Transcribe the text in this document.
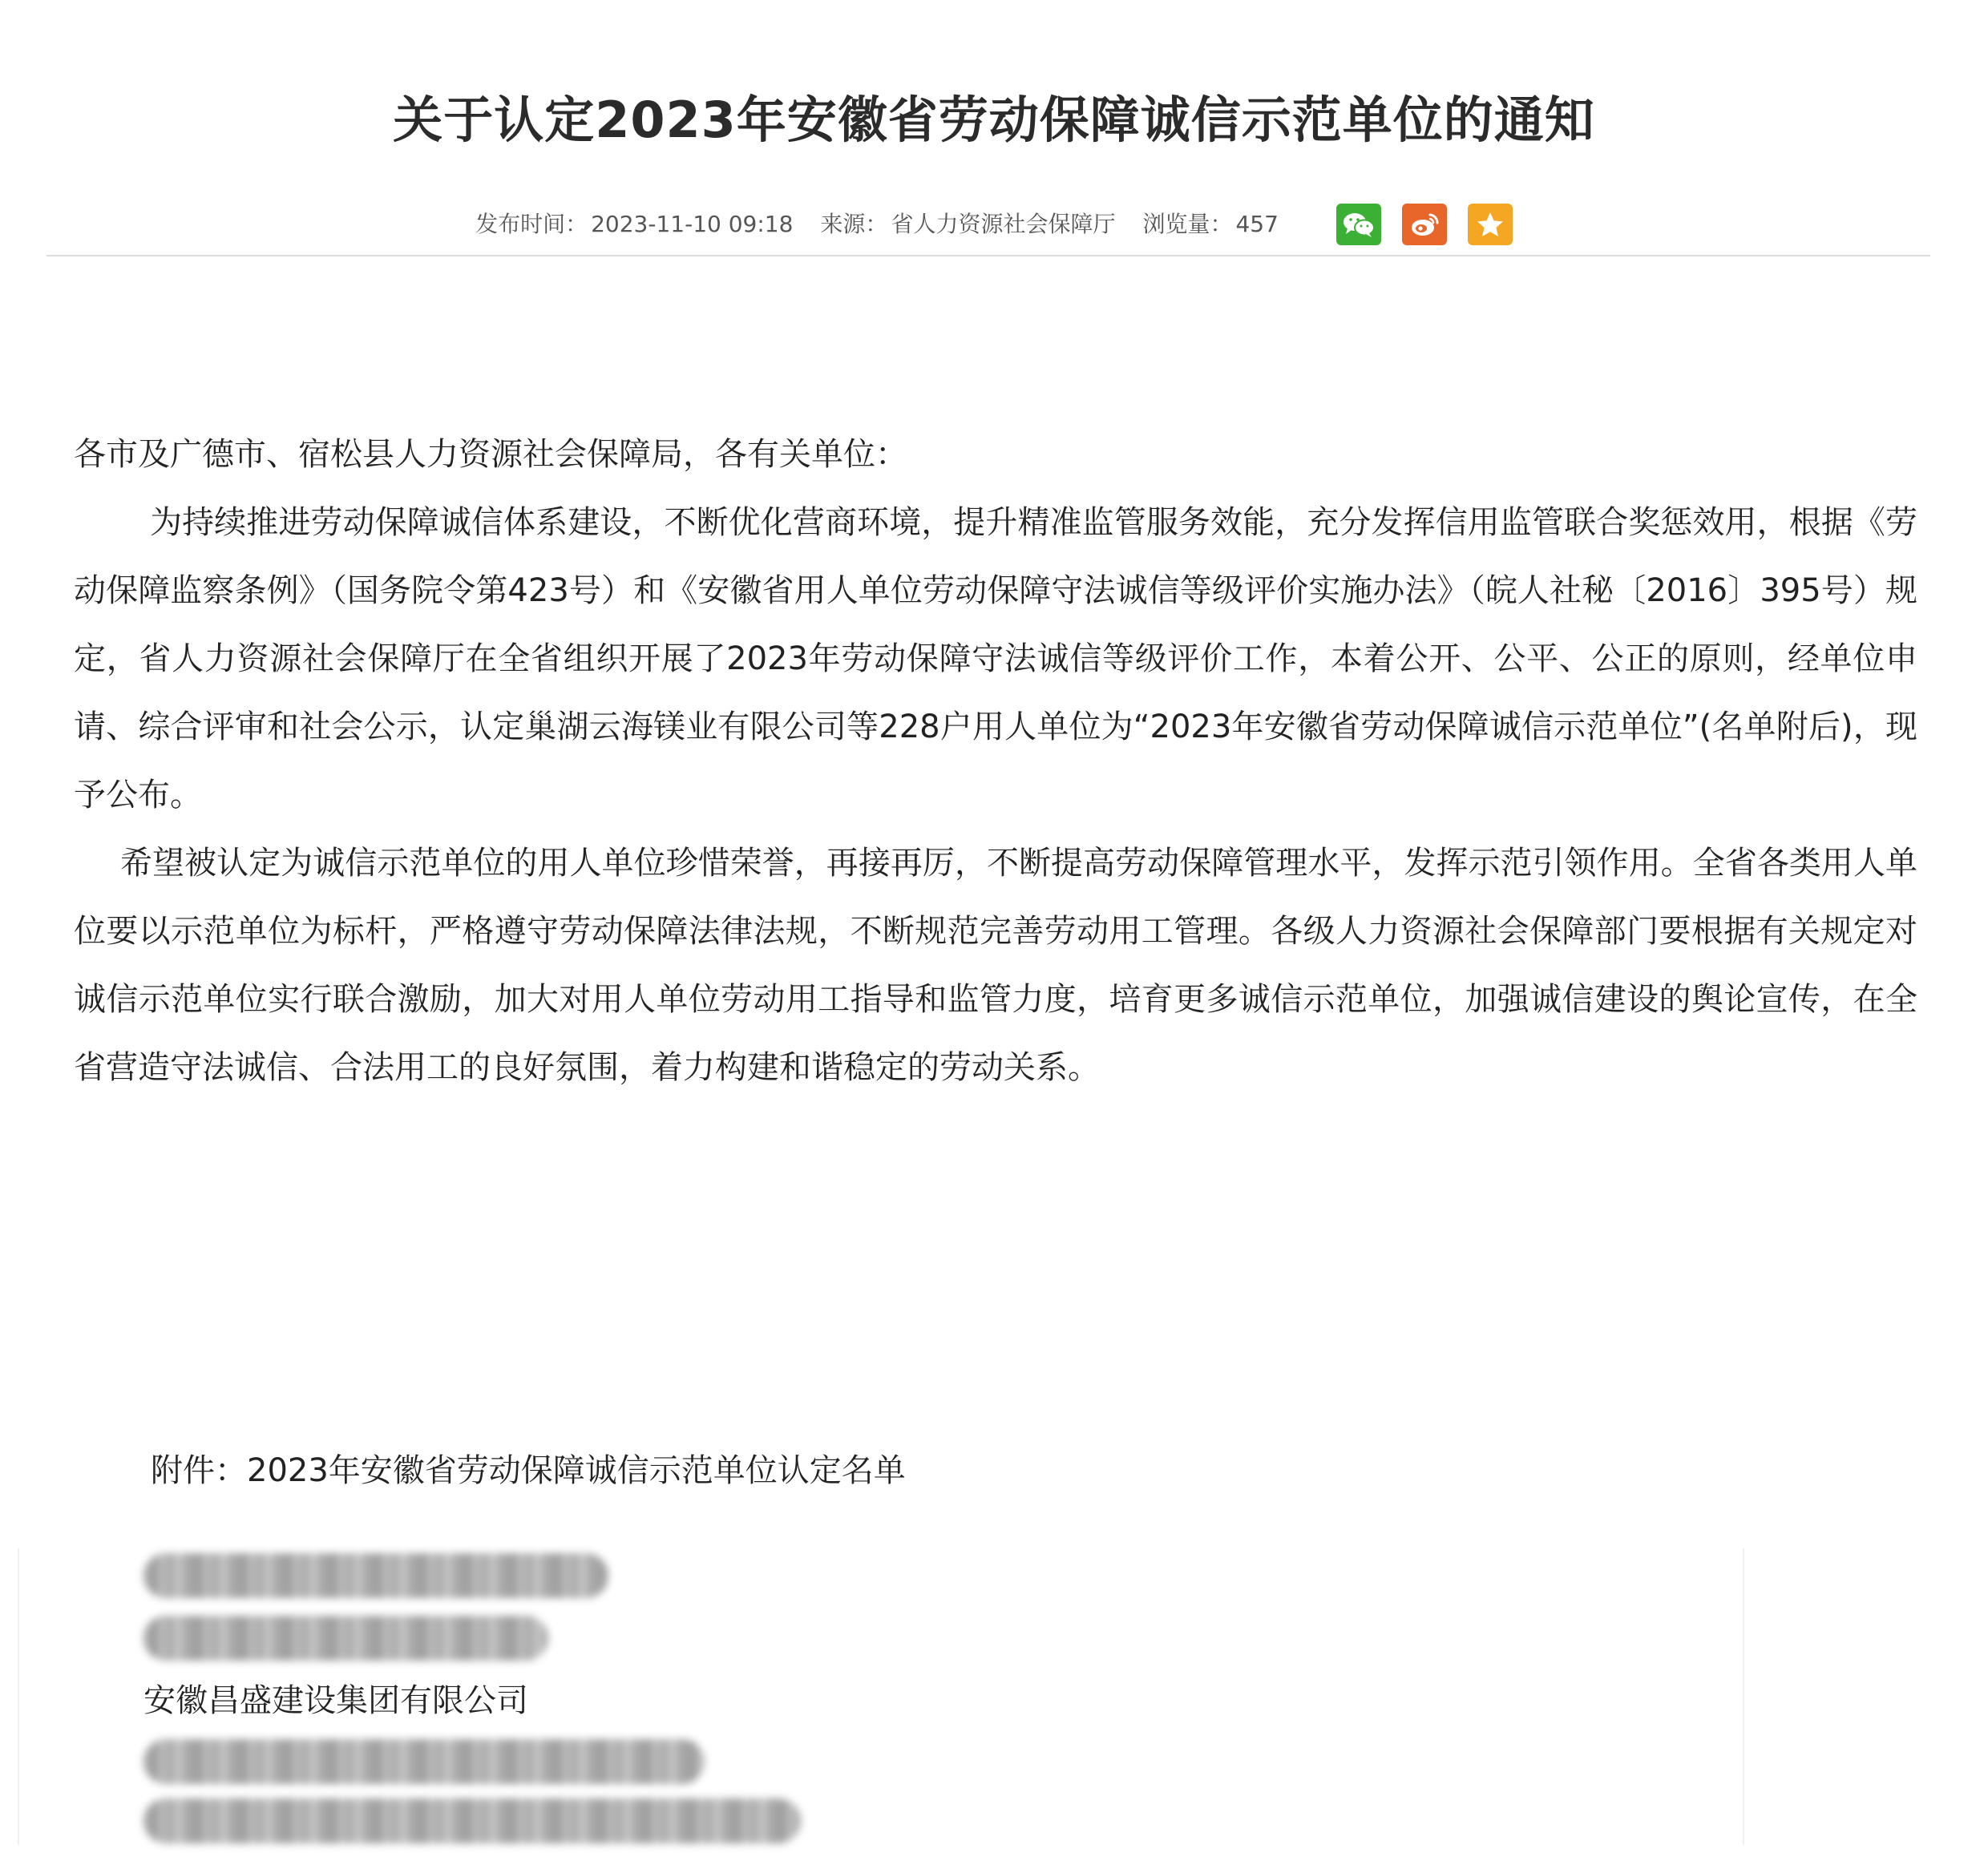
关于认定2023年安徽省劳动保障诚信示范单位的通知
发布时间： 2023-11-10 09:18 来源： 省人力资源社会保障厅 浏览量： 457

各市及广德市、宿松县人力资源社会保障局，各有关单位：

为持续推进劳动保障诚信体系建设，不断优化营商环境，提升精准监管服务效能，充分发挥信用监管联合奖惩效用，根据《劳动保障监察条例》（国务院令第423号）和《安徽省用人单位劳动保障守法诚信等级评价实施办法》（皖人社秘〔2016〕395号）规定，省人力资源社会保障厅在全省组织开展了2023年劳动保障守法诚信等级评价工作，本着公开、公平、公正的原则，经单位申请、综合评审和社会公示，认定巢湖云海镁业有限公司等228户用人单位为“2023年安徽省劳动保障诚信示范单位”(名单附后)，现予公布。

希望被认定为诚信示范单位的用人单位珍惜荣誉，再接再厉，不断提高劳动保障管理水平，发挥示范引领作用。全省各类用人单位要以示范单位为标杆，严格遵守劳动保障法律法规，不断规范完善劳动用工管理。各级人力资源社会保障部门要根据有关规定对诚信示范单位实行联合激励，加大对用人单位劳动用工指导和监管力度，培育更多诚信示范单位，加强诚信建设的舆论宣传，在全省营造守法诚信、合法用工的良好氛围，着力构建和谐稳定的劳动关系。

附件：2023年安徽省劳动保障诚信示范单位认定名单
安徽昌盛建设集团有限公司
